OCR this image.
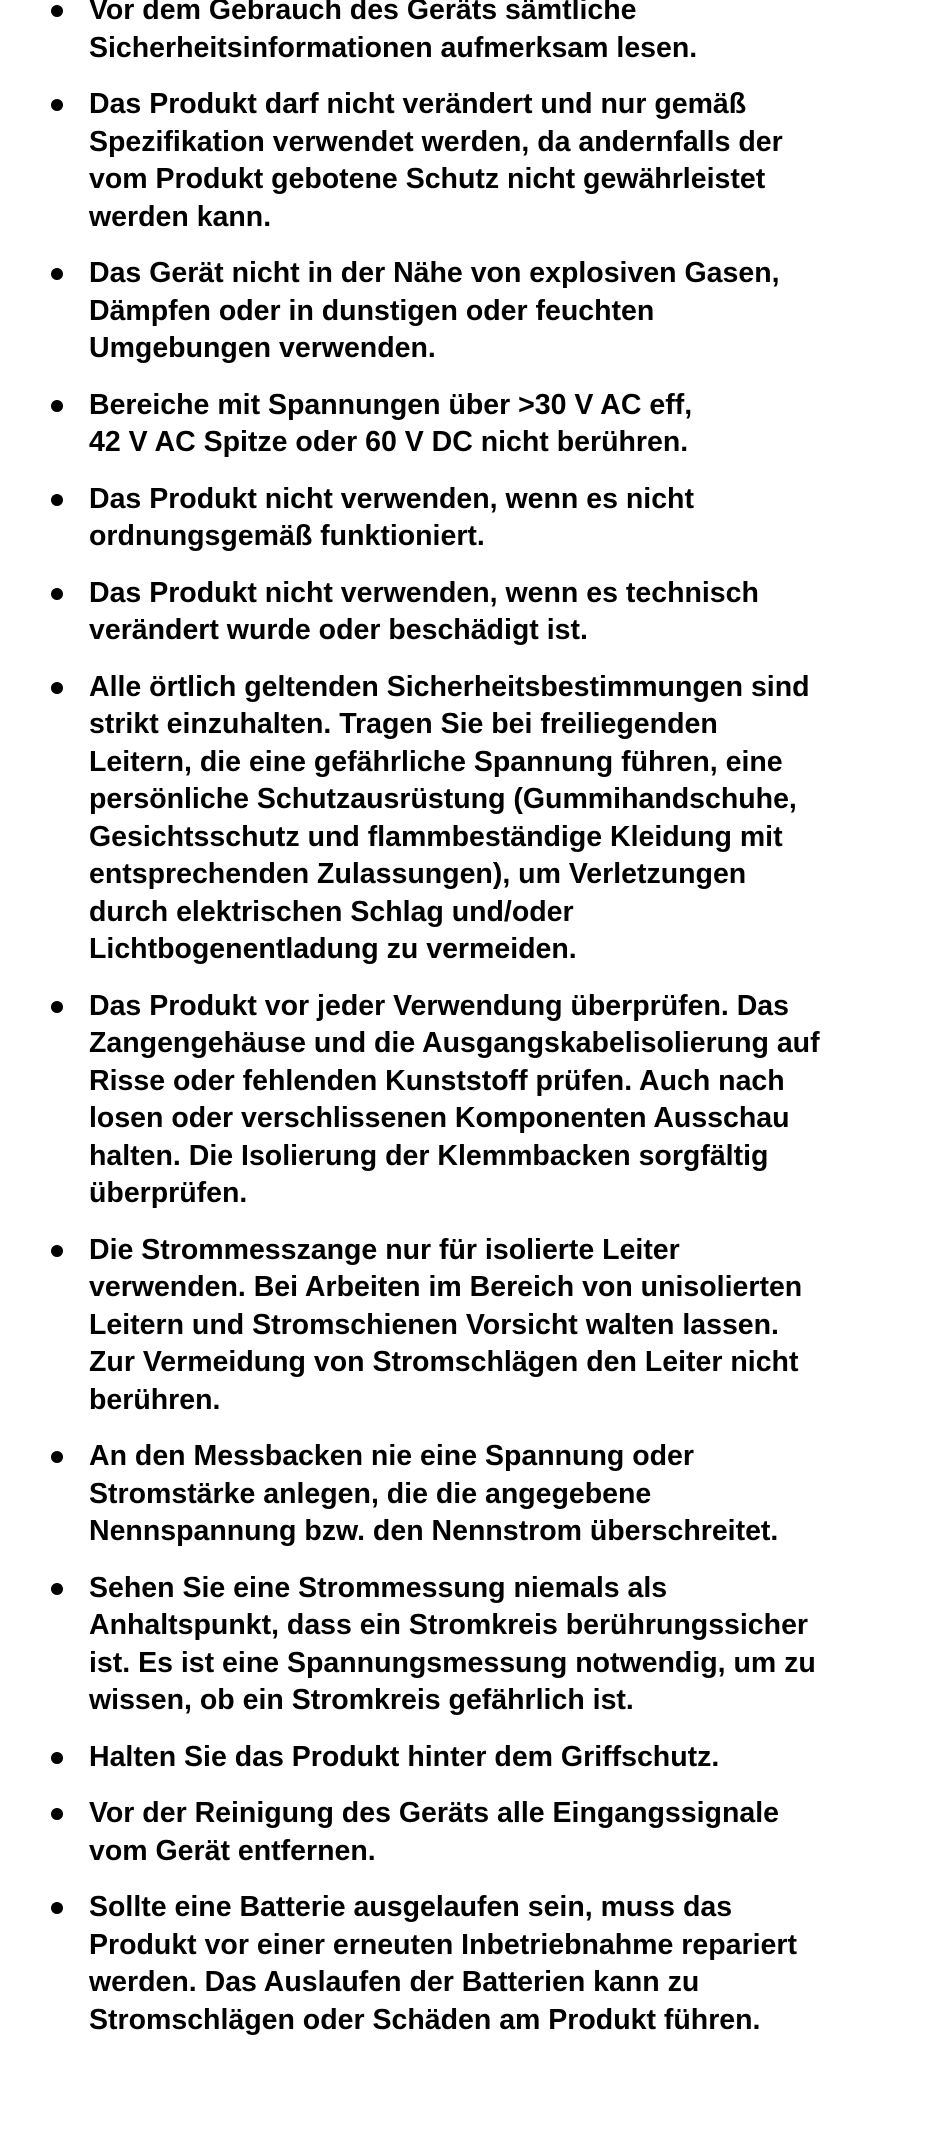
Vor dem Gebrauch des Geräts sämtliche
Sicherheitsinformationen aufmerksam lesen.
Das Produkt darf nicht verändert und nur gemäß
Spezifikation verwendet werden, da andernfalls der
vom Produkt gebotene Schutz nicht gewährleistet
werden kann.
Das Gerät nicht in der Nähe von explosiven Gasen,
Dämpfen oder in dunstigen oder feuchten
Umgebungen verwenden.
Bereiche mit Spannungen über >30 V AC eff,
42 V AC Spitze oder 60 V DC nicht berühren.
Das Produkt nicht verwenden, wenn es nicht
ordnungsgemäß funktioniert.
Das Produkt nicht verwenden, wenn es technisch
verändert wurde oder beschädigt ist.
Alle örtlich geltenden Sicherheitsbestimmungen sind
strikt einzuhalten. Tragen Sie bei freiliegenden
Leitern, die eine gefährliche Spannung führen, eine
persönliche Schutzausrüstung (Gummihandschuhe,
Gesichtsschutz und flammbeständige Kleidung mit
entsprechenden Zulassungen), um Verletzungen
durch elektrischen Schlag und/oder
Lichtbogenentladung zu vermeiden.
Das Produkt vor jeder Verwendung überprüfen. Das
Zangengehäuse und die Ausgangskabelisolierung auf
Risse oder fehlenden Kunststoff prüfen. Auch nach
losen oder verschlissenen Komponenten Ausschau
halten. Die Isolierung der Klemmbacken sorgfältig
überprüfen.
Die Strommesszange nur für isolierte Leiter
verwenden. Bei Arbeiten im Bereich von unisolierten
Leitern und Stromschienen Vorsicht walten lassen.
Zur Vermeidung von Stromschlägen den Leiter nicht
berühren.
An den Messbacken nie eine Spannung oder
Stromstärke anlegen, die die angegebene
Nennspannung bzw. den Nennstrom überschreitet.
Sehen Sie eine Strommessung niemals als
Anhaltspunkt, dass ein Stromkreis berührungssicher
ist. Es ist eine Spannungsmessung notwendig, um zu
wissen, ob ein Stromkreis gefährlich ist.
Halten Sie das Produkt hinter dem Griffschutz.
Vor der Reinigung des Geräts alle Eingangssignale
vom Gerät entfernen.
Sollte eine Batterie ausgelaufen sein, muss das
Produkt vor einer erneuten Inbetriebnahme repariert
werden. Das Auslaufen der Batterien kann zu
Stromschlägen oder Schäden am Produkt führen.
